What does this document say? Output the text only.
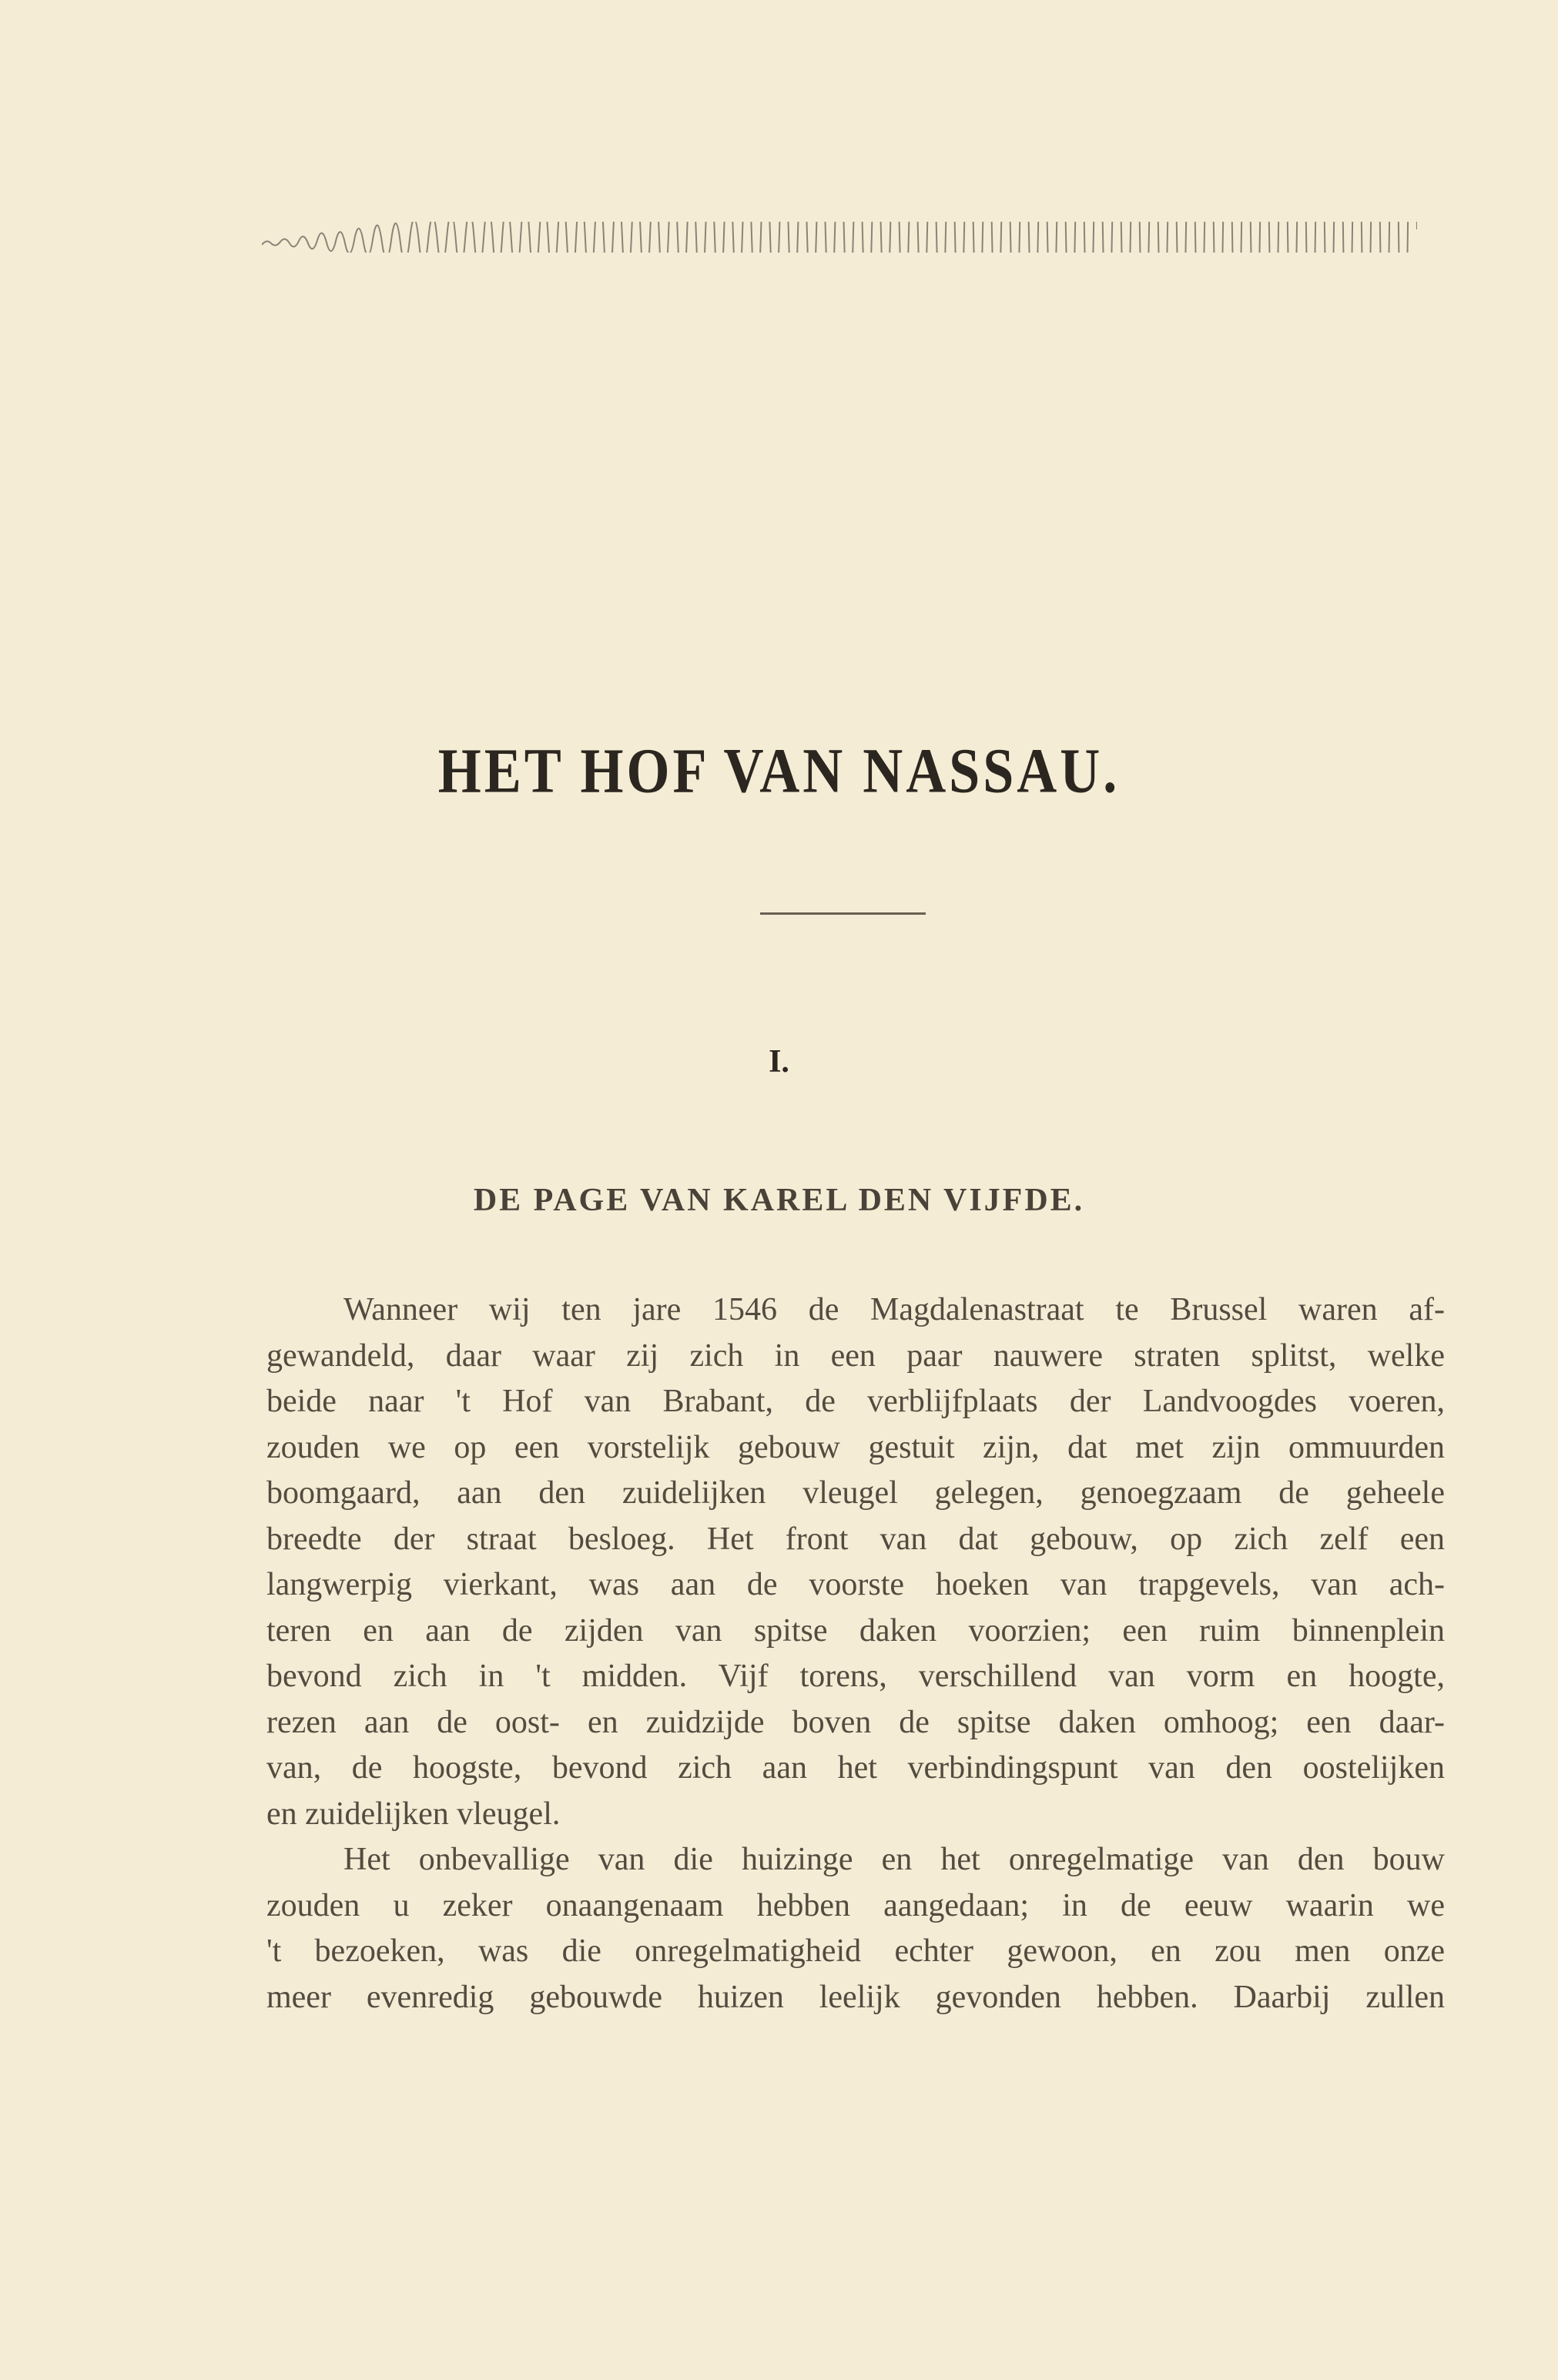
HET HOF VAN NASSAU.
I.
DE PAGE VAN KAREL DEN VIJFDE.
Wanneer wij ten jare 1546 de Magdalenastraat te Brussel waren af-
gewandeld, daar waar zij zich in een paar nauwere straten splitst, welke
beide naar 't Hof van Brabant, de verblijfplaats der Landvoogdes voeren,
zouden we op een vorstelijk gebouw gestuit zijn, dat met zijn ommuurden
boomgaard, aan den zuidelijken vleugel gelegen, genoegzaam de geheele
breedte der straat besloeg. Het front van dat gebouw, op zich zelf een
langwerpig vierkant, was aan de voorste hoeken van trapgevels, van ach-
teren en aan de zijden van spitse daken voorzien; een ruim binnenplein
bevond zich in 't midden. Vijf torens, verschillend van vorm en hoogte,
rezen aan de oost- en zuidzijde boven de spitse daken omhoog; een daar-
van, de hoogste, bevond zich aan het verbindingspunt van den oostelijken
en zuidelijken vleugel.
Het onbevallige van die huizinge en het onregelmatige van den bouw
zouden u zeker onaangenaam hebben aangedaan; in de eeuw waarin we
't bezoeken, was die onregelmatigheid echter gewoon, en zou men onze
meer evenredig gebouwde huizen leelijk gevonden hebben. Daarbij zullen
